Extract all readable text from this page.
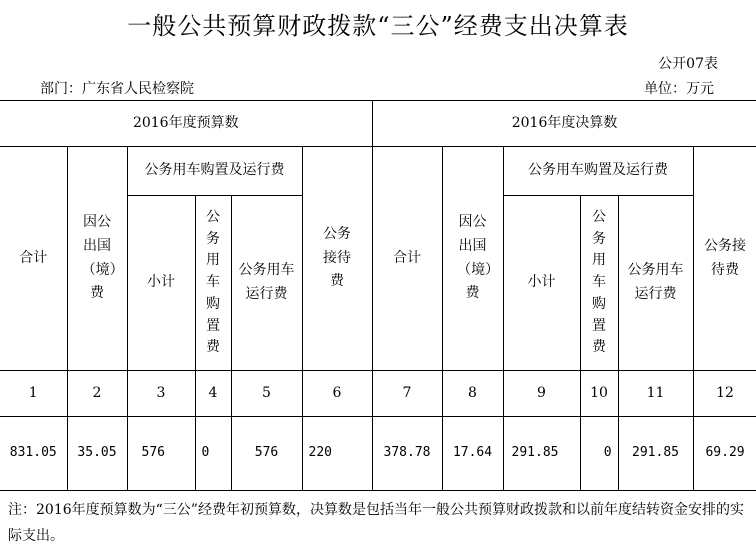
一般公共预算财政拨款“三公”经费支出决算表
公开07表
部门：广东省人民检察院	单位：万元
2016年度预算数						2016年度决算数					
合计	因公出国（境）费	公务用车购置及运行费			公务接待费	合计	因公出国（境）费	公务用车购置及运行费			公务接待费
		小计	公务用车购置费	公务用车运行费				小计	公务用车购置费	公务用车运行费	
1	2	3	4	5	6	7	8	9	10	11	12
831.05	35.05	576	0	576	220	378.78	17.64	291.85	0	291.85	69.29
注：2016年度预算数为“三公”经费年初预算数，决算数是包括当年一般公共预算财政拨款和以前年度结转资金安排的实际支出。
